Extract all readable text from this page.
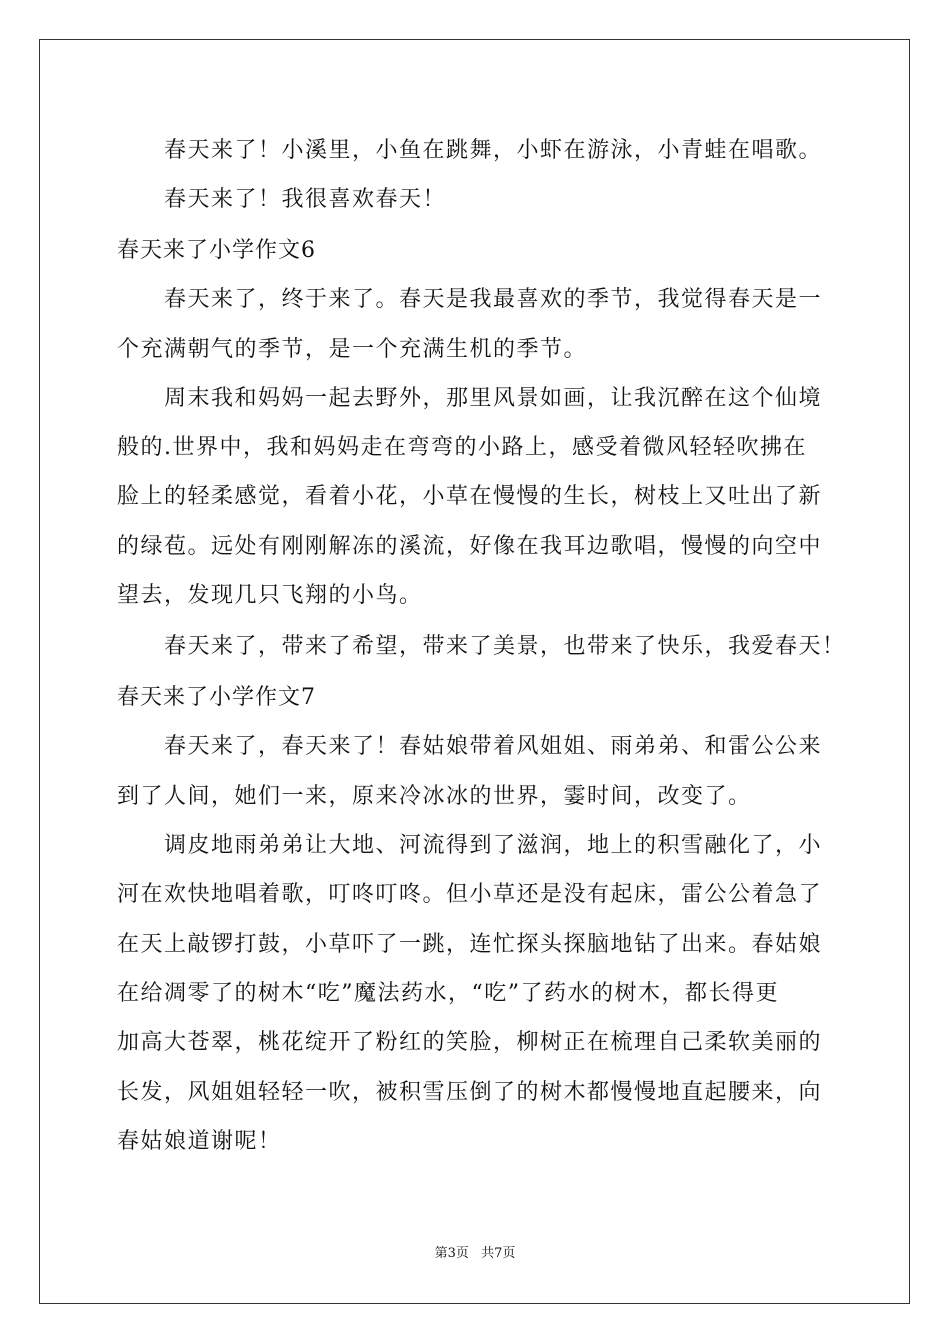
春天来了！小溪里，小鱼在跳舞，小虾在游泳，小青蛙在唱歌。
春天来了！我很喜欢春天！
春天来了小学作文6
春天来了，终于来了。春天是我最喜欢的季节，我觉得春天是一
个充满朝气的季节，是一个充满生机的季节。
周末我和妈妈一起去野外，那里风景如画，让我沉醉在这个仙境
般的.世界中，我和妈妈走在弯弯的小路上，感受着微风轻轻吹拂在
脸上的轻柔感觉，看着小花，小草在慢慢的生长，树枝上又吐出了新
的绿苞。远处有刚刚解冻的溪流，好像在我耳边歌唱，慢慢的向空中
望去，发现几只飞翔的小鸟。
春天来了，带来了希望，带来了美景，也带来了快乐，我爱春天！
春天来了小学作文7
春天来了，春天来了！春姑娘带着风姐姐、雨弟弟、和雷公公来
到了人间，她们一来，原来冷冰冰的世界，霎时间，改变了。
调皮地雨弟弟让大地、河流得到了滋润，地上的积雪融化了，小
河在欢快地唱着歌，叮咚叮咚。但小草还是没有起床，雷公公着急了
在天上敲锣打鼓，小草吓了一跳，连忙探头探脑地钻了出来。春姑娘
在给凋零了的树木“吃”魔法药水，“吃”了药水的树木，都长得更
加高大苍翠，桃花绽开了粉红的笑脸，柳树正在梳理自己柔软美丽的
长发，风姐姐轻轻一吹，被积雪压倒了的树木都慢慢地直起腰来，向
春姑娘道谢呢！
第3页 共7页
